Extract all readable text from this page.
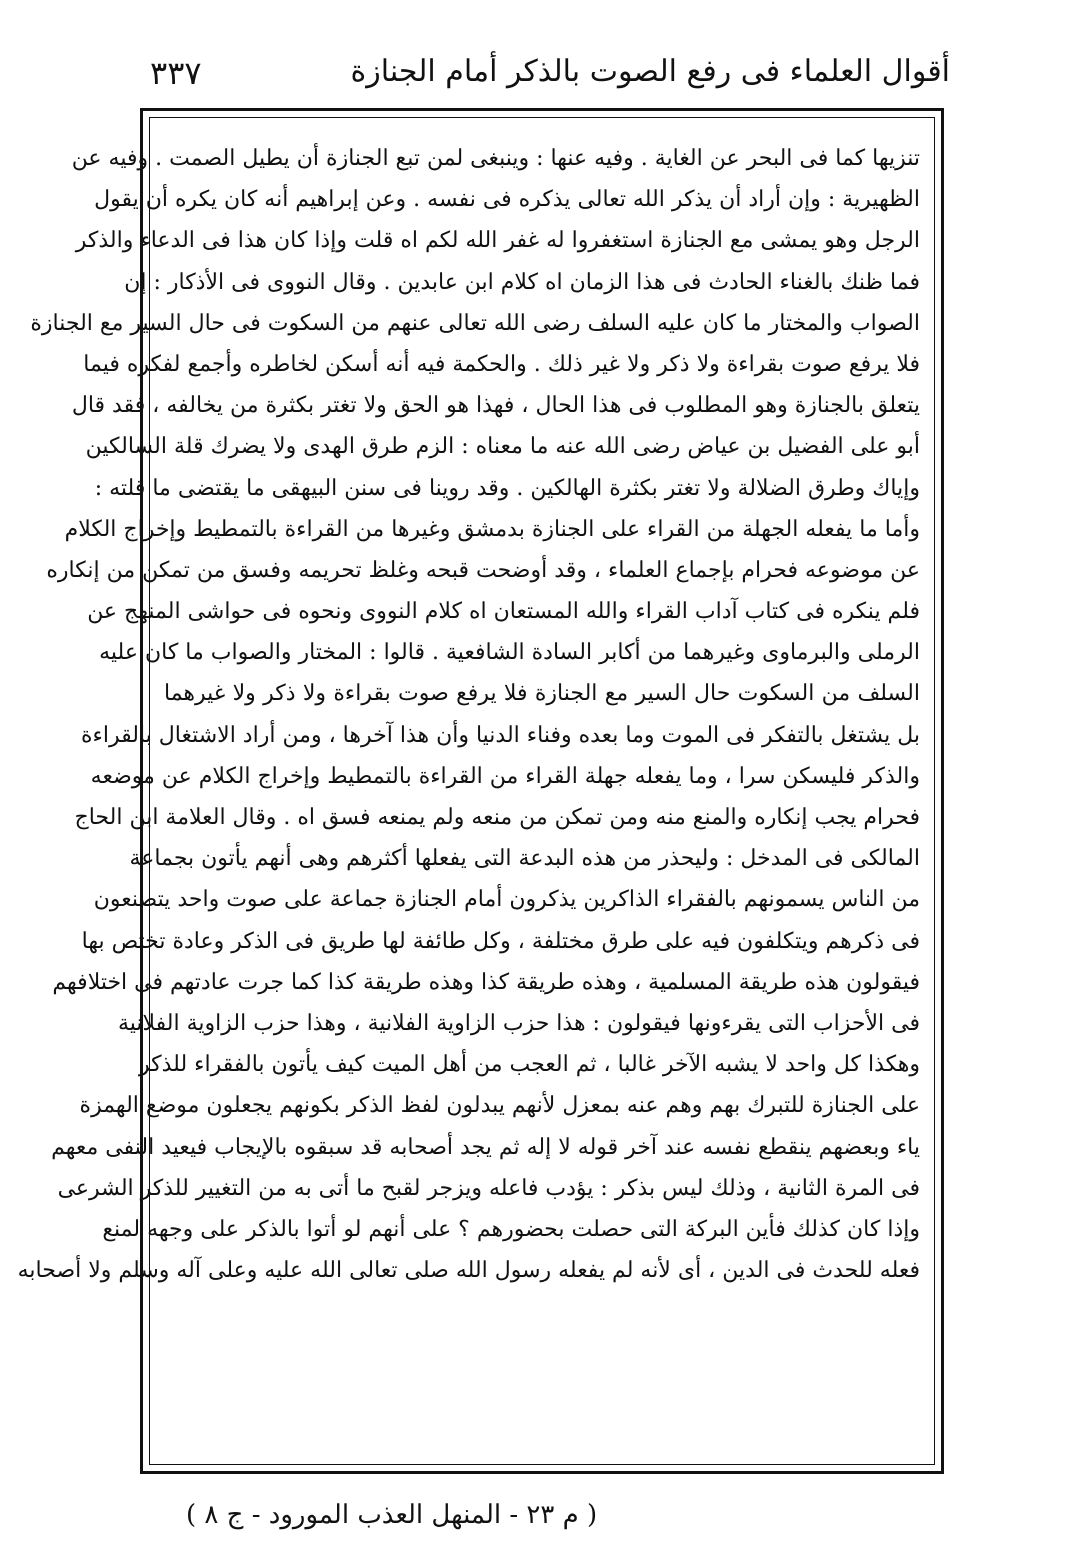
أقوال العلماء فى رفع الصوت بالذكر أمام الجنازة
٣٣٧
تنزيها كما فى البحر عن الغاية . وفيه عنها : وينبغى لمن تبع الجنازة أن يطيل الصمت . وفيه عن
الظهيرية : وإن أراد أن يذكر الله تعالى يذكره فى نفسه . وعن إبراهيم أنه كان يكره أن يقول
الرجل وهو يمشى مع الجنازة استغفروا له غفر الله لكم اه قلت وإذا كان هذا فى الدعاء والذكر
فما ظنك بالغناء الحادث فى هذا الزمان اه كلام ابن عابدين . وقال النووى فى الأذكار : إن
الصواب والمختار ما كان عليه السلف رضى الله تعالى عنهم من السكوت فى حال السير مع الجنازة
فلا يرفع صوت بقراءة ولا ذكر ولا غير ذلك . والحكمة فيه أنه أسكن لخاطره وأجمع لفكره فيما
يتعلق بالجنازة وهو المطلوب فى هذا الحال ، فهذا هو الحق ولا تغتر بكثرة من يخالفه ، فقد قال
أبو على الفضيل بن عياض رضى الله عنه ما معناه : الزم طرق الهدى ولا يضرك قلة السالكين
وإياك وطرق الضلالة ولا تغتر بكثرة الهالكين . وقد روينا فى سنن البيهقى ما يقتضى ما قلته :
وأما ما يفعله الجهلة من القراء على الجنازة بدمشق وغيرها من القراءة بالتمطيط وإخراج الكلام
عن موضوعه فحرام بإجماع العلماء ، وقد أوضحت قبحه وغلظ تحريمه وفسق من تمكن من إنكاره
فلم ينكره فى كتاب آداب القراء والله المستعان اه كلام النووى ونحوه فى حواشى المنهج عن
الرملى والبرماوى وغيرهما من أكابر السادة الشافعية . قالوا : المختار والصواب ما كان عليه
السلف من السكوت حال السير مع الجنازة فلا يرفع صوت بقراءة ولا ذكر ولا غيرهما
بل يشتغل بالتفكر فى الموت وما بعده وفناء الدنيا وأن هذا آخرها ، ومن أراد الاشتغال بالقراءة
والذكر فليسكن سرا ، وما يفعله جهلة القراء من القراءة بالتمطيط وإخراج الكلام عن موضعه
فحرام يجب إنكاره والمنع منه ومن تمكن من منعه ولم يمنعه فسق اه . وقال العلامة ابن الحاج
المالكى فى المدخل : وليحذر من هذه البدعة التى يفعلها أكثرهم وهى أنهم يأتون بجماعة
من الناس يسمونهم بالفقراء الذاكرين يذكرون أمام الجنازة جماعة على صوت واحد يتصنعون
فى ذكرهم ويتكلفون فيه على طرق مختلفة ، وكل طائفة لها طريق فى الذكر وعادة تختص بها
فيقولون هذه طريقة المسلمية ، وهذه طريقة كذا وهذه طريقة كذا كما جرت عادتهم فى اختلافهم
فى الأحزاب التى يقرءونها فيقولون : هذا حزب الزاوية الفلانية ، وهذا حزب الزاوية الفلانية
وهكذا كل واحد لا يشبه الآخر غالبا ، ثم العجب من أهل الميت كيف يأتون بالفقراء للذكر
على الجنازة للتبرك بهم وهم عنه بمعزل لأنهم يبدلون لفظ الذكر بكونهم يجعلون موضع الهمزة
ياء وبعضهم ينقطع نفسه عند آخر قوله لا إله ثم يجد أصحابه قد سبقوه بالإيجاب فيعيد النفى معهم
فى المرة الثانية ، وذلك ليس بذكر : يؤدب فاعله ويزجر لقبح ما أتى به من التغيير للذكر الشرعى
وإذا كان كذلك فأين البركة التى حصلت بحضورهم ؟ على أنهم لو أتوا بالذكر على وجهه لمنع
فعله للحدث فى الدين ، أى لأنه لم يفعله رسول الله صلى تعالى الله عليه وعلى آله وسلم ولا أصحابه
( م ٢٣ - المنهل العذب المورود - ج ٨ )
